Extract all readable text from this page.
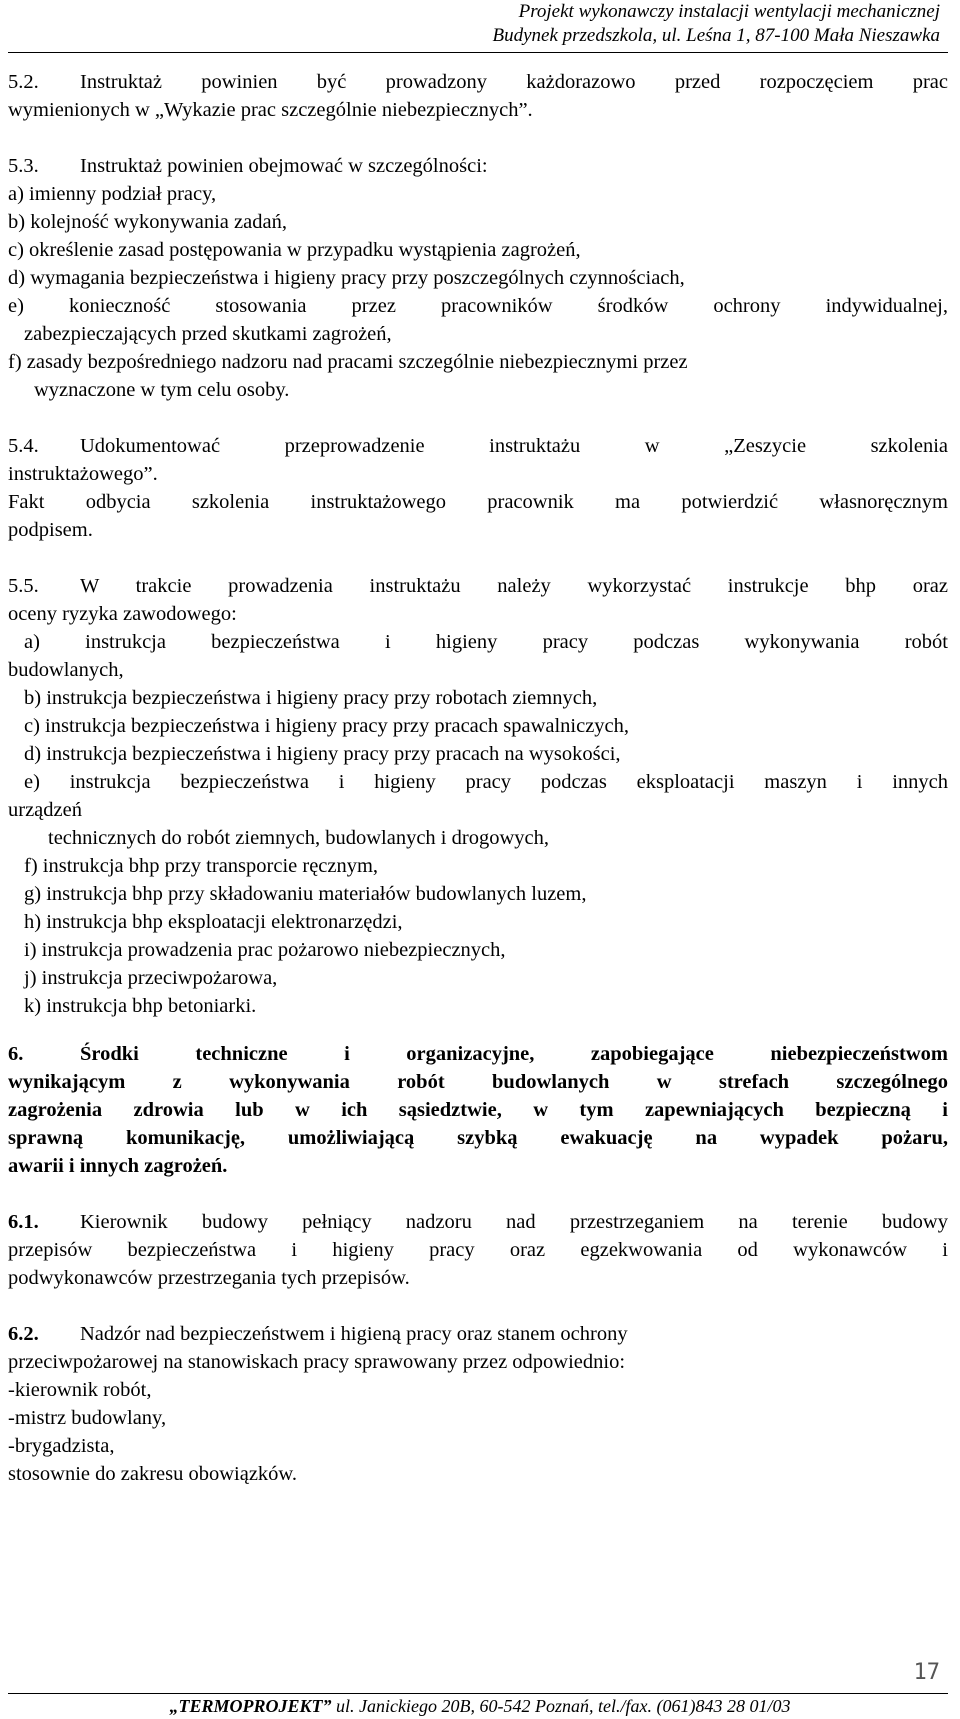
Projekt wykonawczy instalacji wentylacji mechanicznej
Budynek przedszkola, ul. Leśna 1, 87-100 Mała Nieszawka

5.2. Instruktaż powinien być prowadzony każdorazowo przed rozpoczęciem prac

wymienionych w „Wykazie prac szczególnie niebezpiecznych”.

5.3. Instruktaż powinien obejmować w szczególności:

a) imienny podział pracy,

b) kolejność wykonywania zadań,

c) określenie zasad postępowania w przypadku wystąpienia zagrożeń,

d) wymagania bezpieczeństwa i higieny pracy przy poszczególnych czynnościach,

e) konieczność stosowania przez pracowników środków ochrony indywidualnej,

zabezpieczających przed skutkami zagrożeń,

f) zasady bezpośredniego nadzoru nad pracami szczególnie niebezpiecznymi przez

wyznaczone w tym celu osoby.

5.4. Udokumentować przeprowadzenie instruktażu w „Zeszycie szkolenia

instruktażowego”.

Fakt odbycia szkolenia instruktażowego pracownik ma potwierdzić własnoręcznym

podpisem.

5.5. W trakcie prowadzenia instruktażu należy wykorzystać instrukcje bhp oraz

oceny ryzyka zawodowego:

a) instrukcja bezpieczeństwa i higieny pracy podczas wykonywania robót

budowlanych,

b) instrukcja bezpieczeństwa i higieny pracy przy robotach ziemnych,

c) instrukcja bezpieczeństwa i higieny pracy przy pracach spawalniczych,

d) instrukcja bezpieczeństwa i higieny pracy przy pracach na wysokości,

e) instrukcja bezpieczeństwa i higieny pracy podczas eksploatacji maszyn i innych

urządzeń

technicznych do robót ziemnych, budowlanych i drogowych,

f) instrukcja bhp przy transporcie ręcznym,

g) instrukcja bhp przy składowaniu materiałów budowlanych luzem,

h) instrukcja bhp eksploatacji elektronarzędzi,

i) instrukcja prowadzenia prac pożarowo niebezpiecznych,

j) instrukcja przeciwpożarowa,

k) instrukcja bhp betoniarki.

6.	Środki techniczne i organizacyjne, zapobiegające niebezpieczeństwom

wynikającym z wykonywania robót budowlanych w strefach szczególnego

zagrożenia zdrowia lub w ich sąsiedztwie, w tym zapewniających bezpieczną i

sprawną komunikację, umożliwiającą szybką ewakuację na wypadek pożaru,

awarii i innych zagrożeń.

6.1. Kierownik budowy pełniący nadzoru nad przestrzeganiem na terenie budowy

przepisów bezpieczeństwa i higieny pracy oraz egzekwowania od wykonawców i

podwykonawców przestrzegania tych przepisów.

6.2. Nadzór nad bezpieczeństwem i higieną pracy oraz stanem ochrony

przeciwpożarowej na stanowiskach pracy sprawowany przez odpowiednio:

-kierownik robót,

-mistrz budowlany,

-brygadzista,

stosownie do zakresu obowiązków.

17
„TERMOPROJEKT” ul. Janickiego 20B, 60-542 Poznań, tel./fax. (061)843 28 01/03
